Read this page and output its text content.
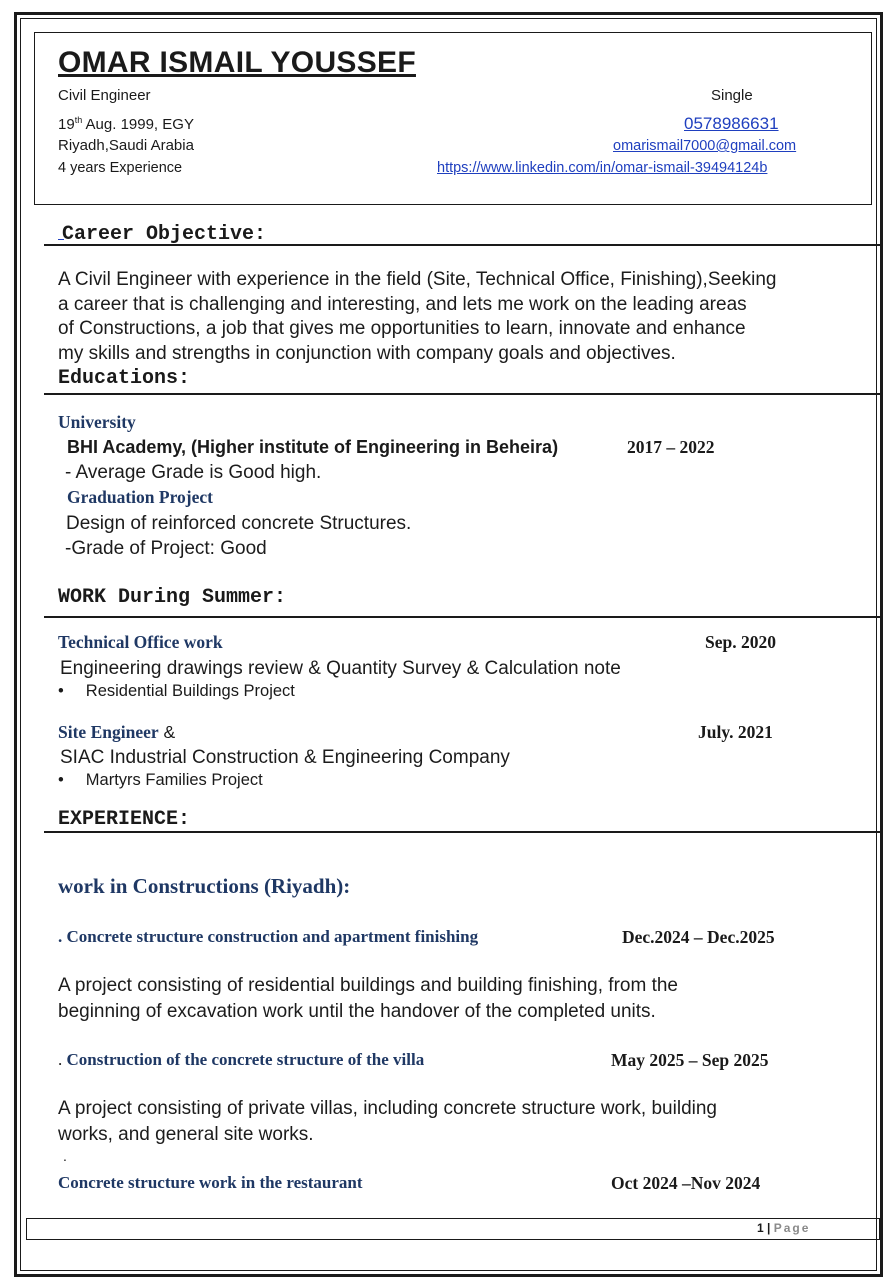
OMAR ISMAIL YOUSSEF
Civil Engineer	Single
19th Aug. 1999, EGY	0578986631
Riyadh,Saudi Arabia	omarismail7000@gmail.com
4 years Experience	https://www.linkedin.com/in/omar-ismail-39494124b
Career Objective:
A Civil Engineer with experience in the field (Site, Technical Office, Finishing),Seeking
a career that is challenging and interesting, and lets me work on the leading areas
of Constructions, a job that gives me opportunities to learn, innovate and enhance
my skills and strengths in conjunction with company goals and objectives.
Educations:
University
BHI Academy, (Higher institute of Engineering in Beheira)	2017 – 2022
- Average Grade is Good high.
Graduation Project
Design of reinforced concrete Structures.
-Grade of Project: Good
WORK During Summer:
Technical Office work	Sep. 2020
Engineering drawings review & Quantity Survey & Calculation note
• Residential Buildings Project
Site Engineer &	July. 2021
SIAC Industrial Construction & Engineering Company
• Martyrs Families Project
EXPERIENCE:
work in Constructions (Riyadh):
. Concrete structure construction and apartment finishing	Dec.2024 – Dec.2025
A project consisting of residential buildings and building finishing, from the
beginning of excavation work until the handover of the completed units.
. Construction of the concrete structure of the villa	May 2025 – Sep 2025
A project consisting of private villas, including concrete structure work, building
works, and general site works.
.
Concrete structure work in the restaurant	Oct 2024 –Nov 2024
1 | Page
